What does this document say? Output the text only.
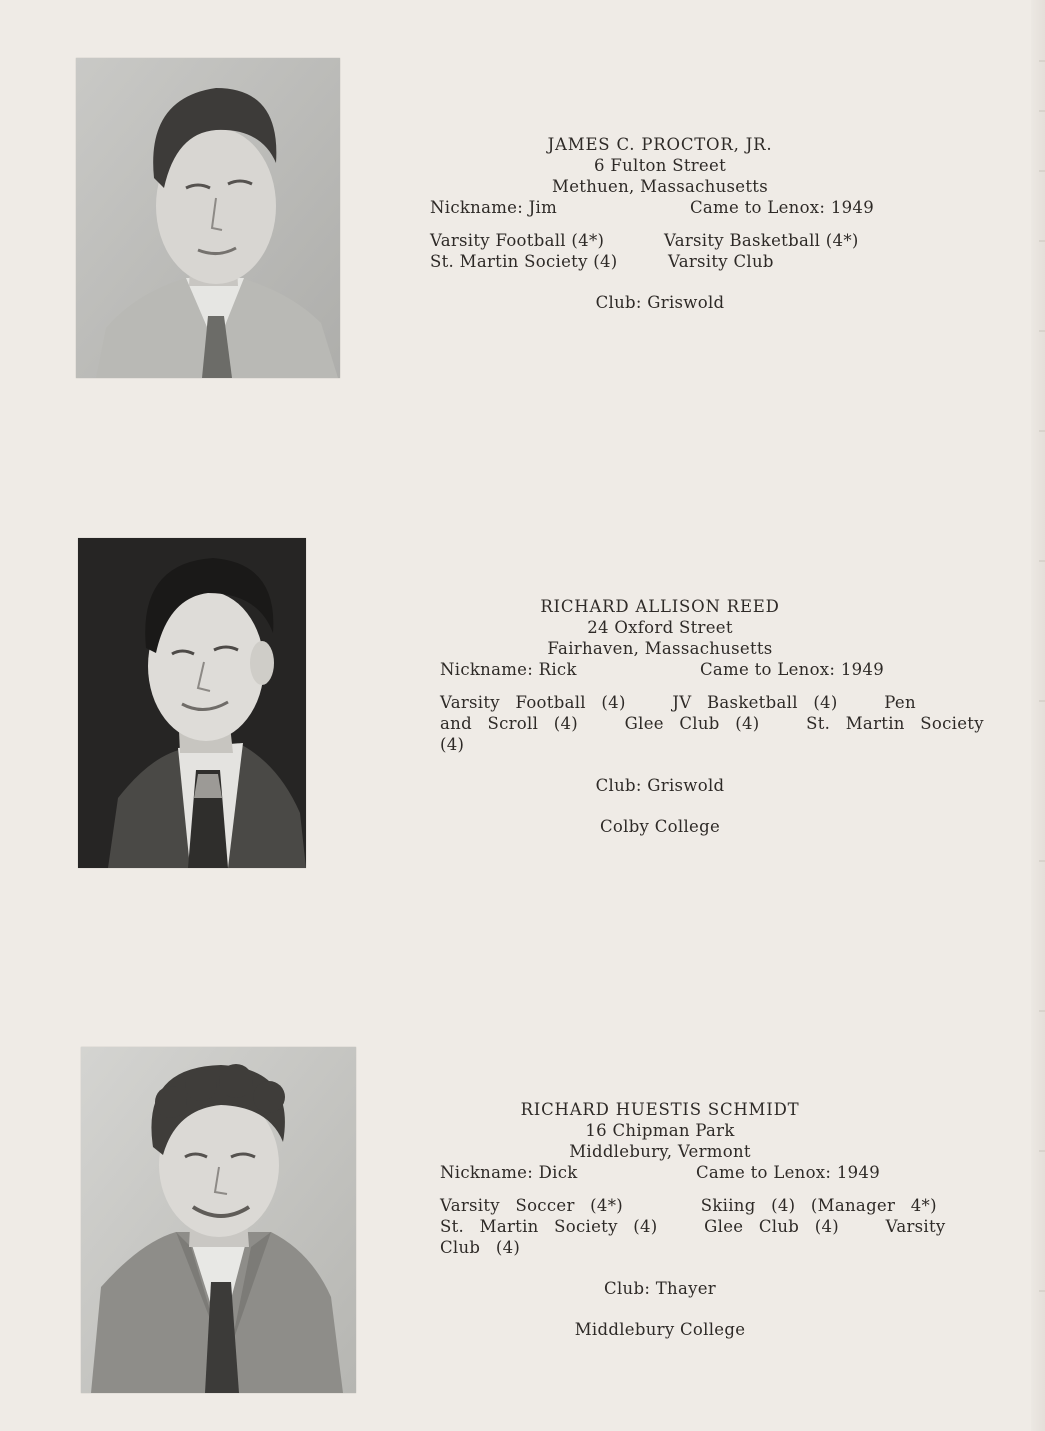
JAMES C. PROCTOR, JR.
6 Fulton Street
Methuen, Massachusetts
Nickname: Jim	Came to Lenox: 1949
Varsity Football (4*)	Varsity Basketball (4*)
St. Martin Society (4)	Varsity Club
Club: Griswold
RICHARD ALLISON REED
24 Oxford Street
Fairhaven, Massachusetts
Nickname: Rick	Came to Lenox: 1949
Varsity Football (4)   JV Basketball (4)   Pen
and Scroll (4)   Glee Club (4)   St. Martin Society
(4)
Club: Griswold
Colby College
RICHARD HUESTIS SCHMIDT
16 Chipman Park
Middlebury, Vermont
Nickname: Dick	Came to Lenox: 1949
Varsity Soccer (4*)     Skiing (4) (Manager 4*)
St. Martin Society (4)   Glee Club (4)   Varsity
Club (4)
Club: Thayer
Middlebury College
